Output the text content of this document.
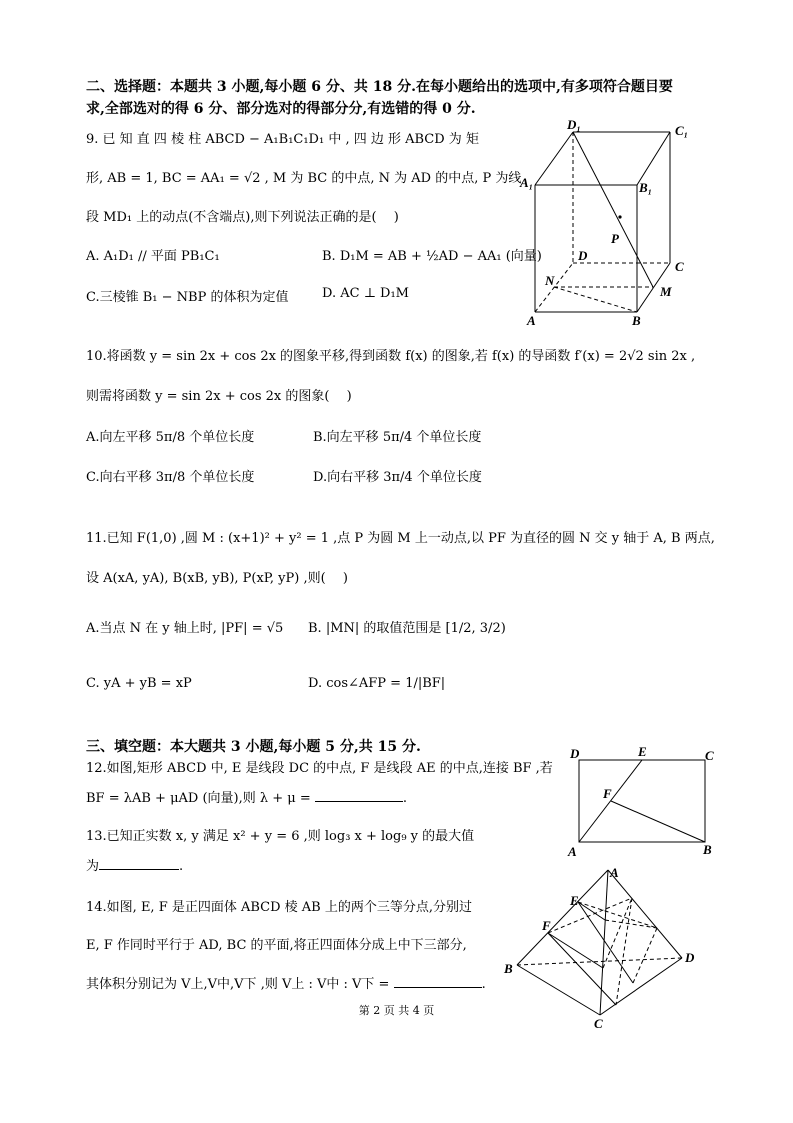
二、选择题：本题共 3 小题,每小题 6 分、共 18 分.在每小题给出的选项中,有多项符合题目要
求,全部选对的得 6 分、部分选对的得部分分,有选错的得 0 分.
9. 已 知 直 四 棱 柱 ABCD − A₁B₁C₁D₁ 中 , 四 边 形 ABCD 为 矩
形, AB = 1, BC = AA₁ = √2 , M 为 BC 的中点, N 为 AD 的中点, P 为线
段 MD₁ 上的动点(不含端点),则下列说法正确的是(　 )
A. A₁D₁ // 平面 PB₁C₁	B. D₁M = AB + ½AD − AA₁ (向量)
C.三棱锥 B₁ − NBP 的体积为定值	D. AC ⊥ D₁M
D₁	C₁
A₁	B₁
P
D
C
N
M
A	B
10.将函数 y = sin 2x + cos 2x 的图象平移,得到函数 f(x) 的图象,若 f(x) 的导函数 f′(x) = 2√2 sin 2x ,
则需将函数 y = sin 2x + cos 2x 的图象(　 )
A.向左平移 5π/8 个单位长度	B.向左平移 5π/4 个单位长度
C.向右平移 3π/8 个单位长度	D.向右平移 3π/4 个单位长度
11.已知 F(1,0) ,圆 M : (x+1)² + y² = 1 ,点 P 为圆 M 上一动点,以 PF 为直径的圆 N 交 y 轴于 A, B 两点,
设 A(xA, yA), B(xB, yB), P(xP, yP) ,则(　 )
A.当点 N 在 y 轴上时, |PF| = √5 B. |MN| 的取值范围是 [1/2, 3/2)
C. yA + yB = xP	D. cos∠AFP = 1/|BF|
三、填空题：本大题共 3 小题,每小题 5 分,共 15 分.
12.如图,矩形 ABCD 中, E 是线段 DC 的中点, F 是线段 AE 的中点,连接 BF ,若
BF = λAB + μAD (向量),则 λ + μ =	.
D	E	C
F
A	B
13.已知正实数 x, y 满足 x² + y = 6 ,则 log₃ x + log₉ y 的最大值
为	.
14.如图, E, F 是正四面体 ABCD 棱 AB 上的两个三等分点,分别过
E, F 作同时平行于 AD, BC 的平面,将正四面体分成上中下三部分,
其体积分别记为 V上,V中,V下 ,则 V上 : V中 : V下 =	.
A
E
F
B
D
C
第 2 页 共 4 页
